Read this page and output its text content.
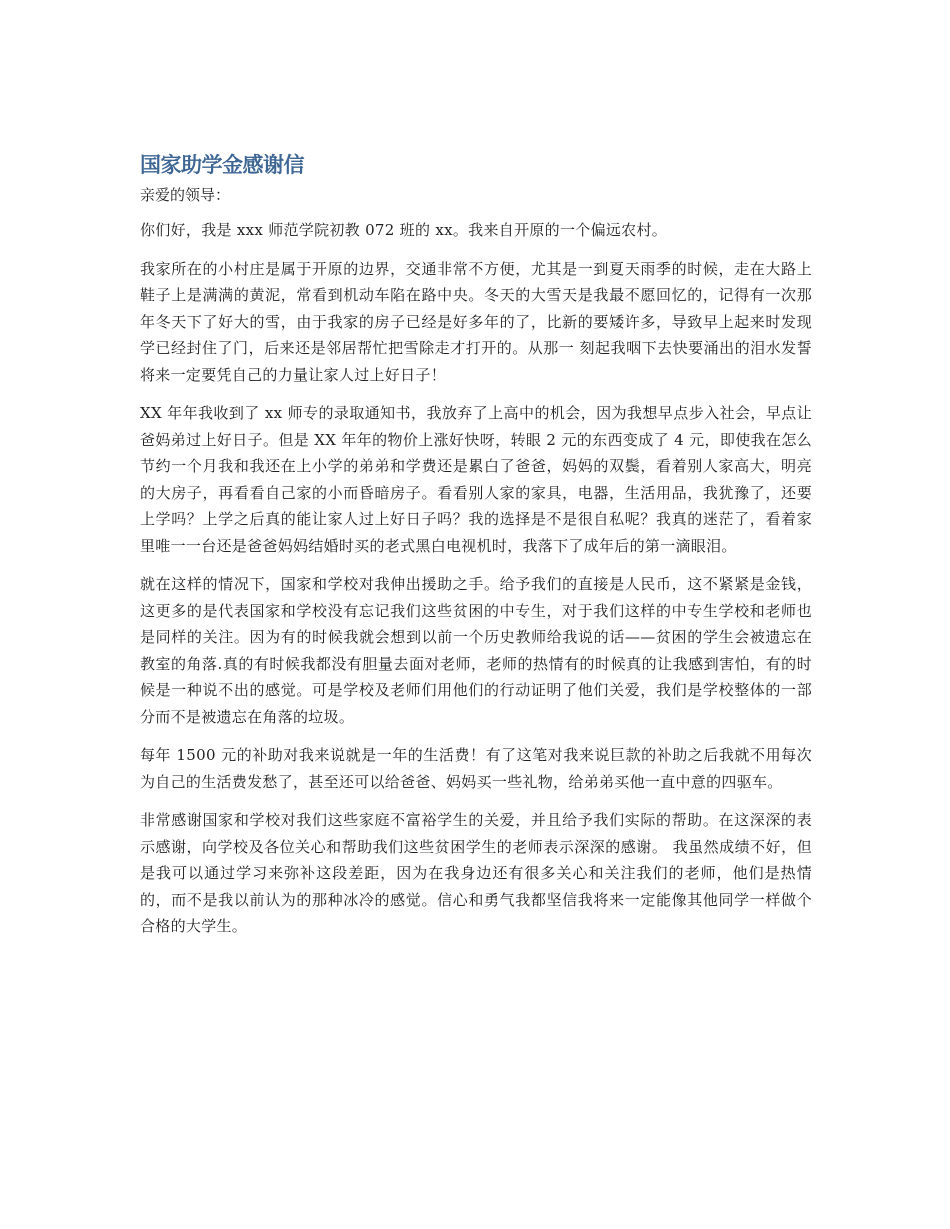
国家助学金感谢信

亲爱的领导：

你们好，我是 xxx 师范学院初教 072 班的 xx。我来自开原的一个偏远农村。

我家所在的小村庄是属于开原的边界，交通非常不方便，尤其是一到夏天雨季的时候，走在大路上鞋子上是满满的黄泥，常看到机动车陷在路中央。冬天的大雪天是我最不愿回忆的，记得有一次那年冬天下了好大的雪，由于我家的房子已经是好多年的了，比新的要矮许多，导致早上起来时发现学已经封住了门，后来还是邻居帮忙把雪除走才打开的。从那一 刻起我咽下去快要涌出的泪水发誓将来一定要凭自己的力量让家人过上好日子！

XX 年年我收到了 xx 师专的录取通知书，我放弃了上高中的机会，因为我想早点步入社会，早点让爸妈弟过上好日子。但是 XX 年年的物价上涨好快呀，转眼 2 元的东西变成了 4 元，即使我在怎么节约一个月我和我还在上小学的弟弟和学费还是累白了爸爸，妈妈的双鬓，看着别人家高大，明亮的大房子，再看看自己家的小而昏暗房子。看看别人家的家具，电器，生活用品，我犹豫了，还要上学吗？上学之后真的能让家人过上好日子吗？我的选择是不是很自私呢？我真的迷茫了，看着家里唯一一台还是爸爸妈妈结婚时买的老式黑白电视机时，我落下了成年后的第一滴眼泪。

就在这样的情况下，国家和学校对我伸出援助之手。给予我们的直接是人民币，这不紧紧是金钱，这更多的是代表国家和学校没有忘记我们这些贫困的中专生，对于我们这样的中专生学校和老师也是同样的关注。因为有的时候我就会想到以前一个历史教师给我说的话——贫困的学生会被遗忘在教室的角落.真的有时候我都没有胆量去面对老师，老师的热情有的时候真的让我感到害怕，有的时候是一种说不出的感觉。可是学校及老师们用他们的行动证明了他们关爱，我们是学校整体的一部分而不是被遗忘在角落的垃圾。

每年 1500 元的补助对我来说就是一年的生活费！有了这笔对我来说巨款的补助之后我就不用每次为自己的生活费发愁了，甚至还可以给爸爸、妈妈买一些礼物，给弟弟买他一直中意的四驱车。

非常感谢国家和学校对我们这些家庭不富裕学生的关爱，并且给予我们实际的帮助。在这深深的表示感谢，向学校及各位关心和帮助我们这些贫困学生的老师表示深深的感谢。 我虽然成绩不好，但是我可以通过学习来弥补这段差距，因为在我身边还有很多关心和关注我们的老师，他们是热情的，而不是我以前认为的那种冰冷的感觉。信心和勇气我都坚信我将来一定能像其他同学一样做个合格的大学生。
